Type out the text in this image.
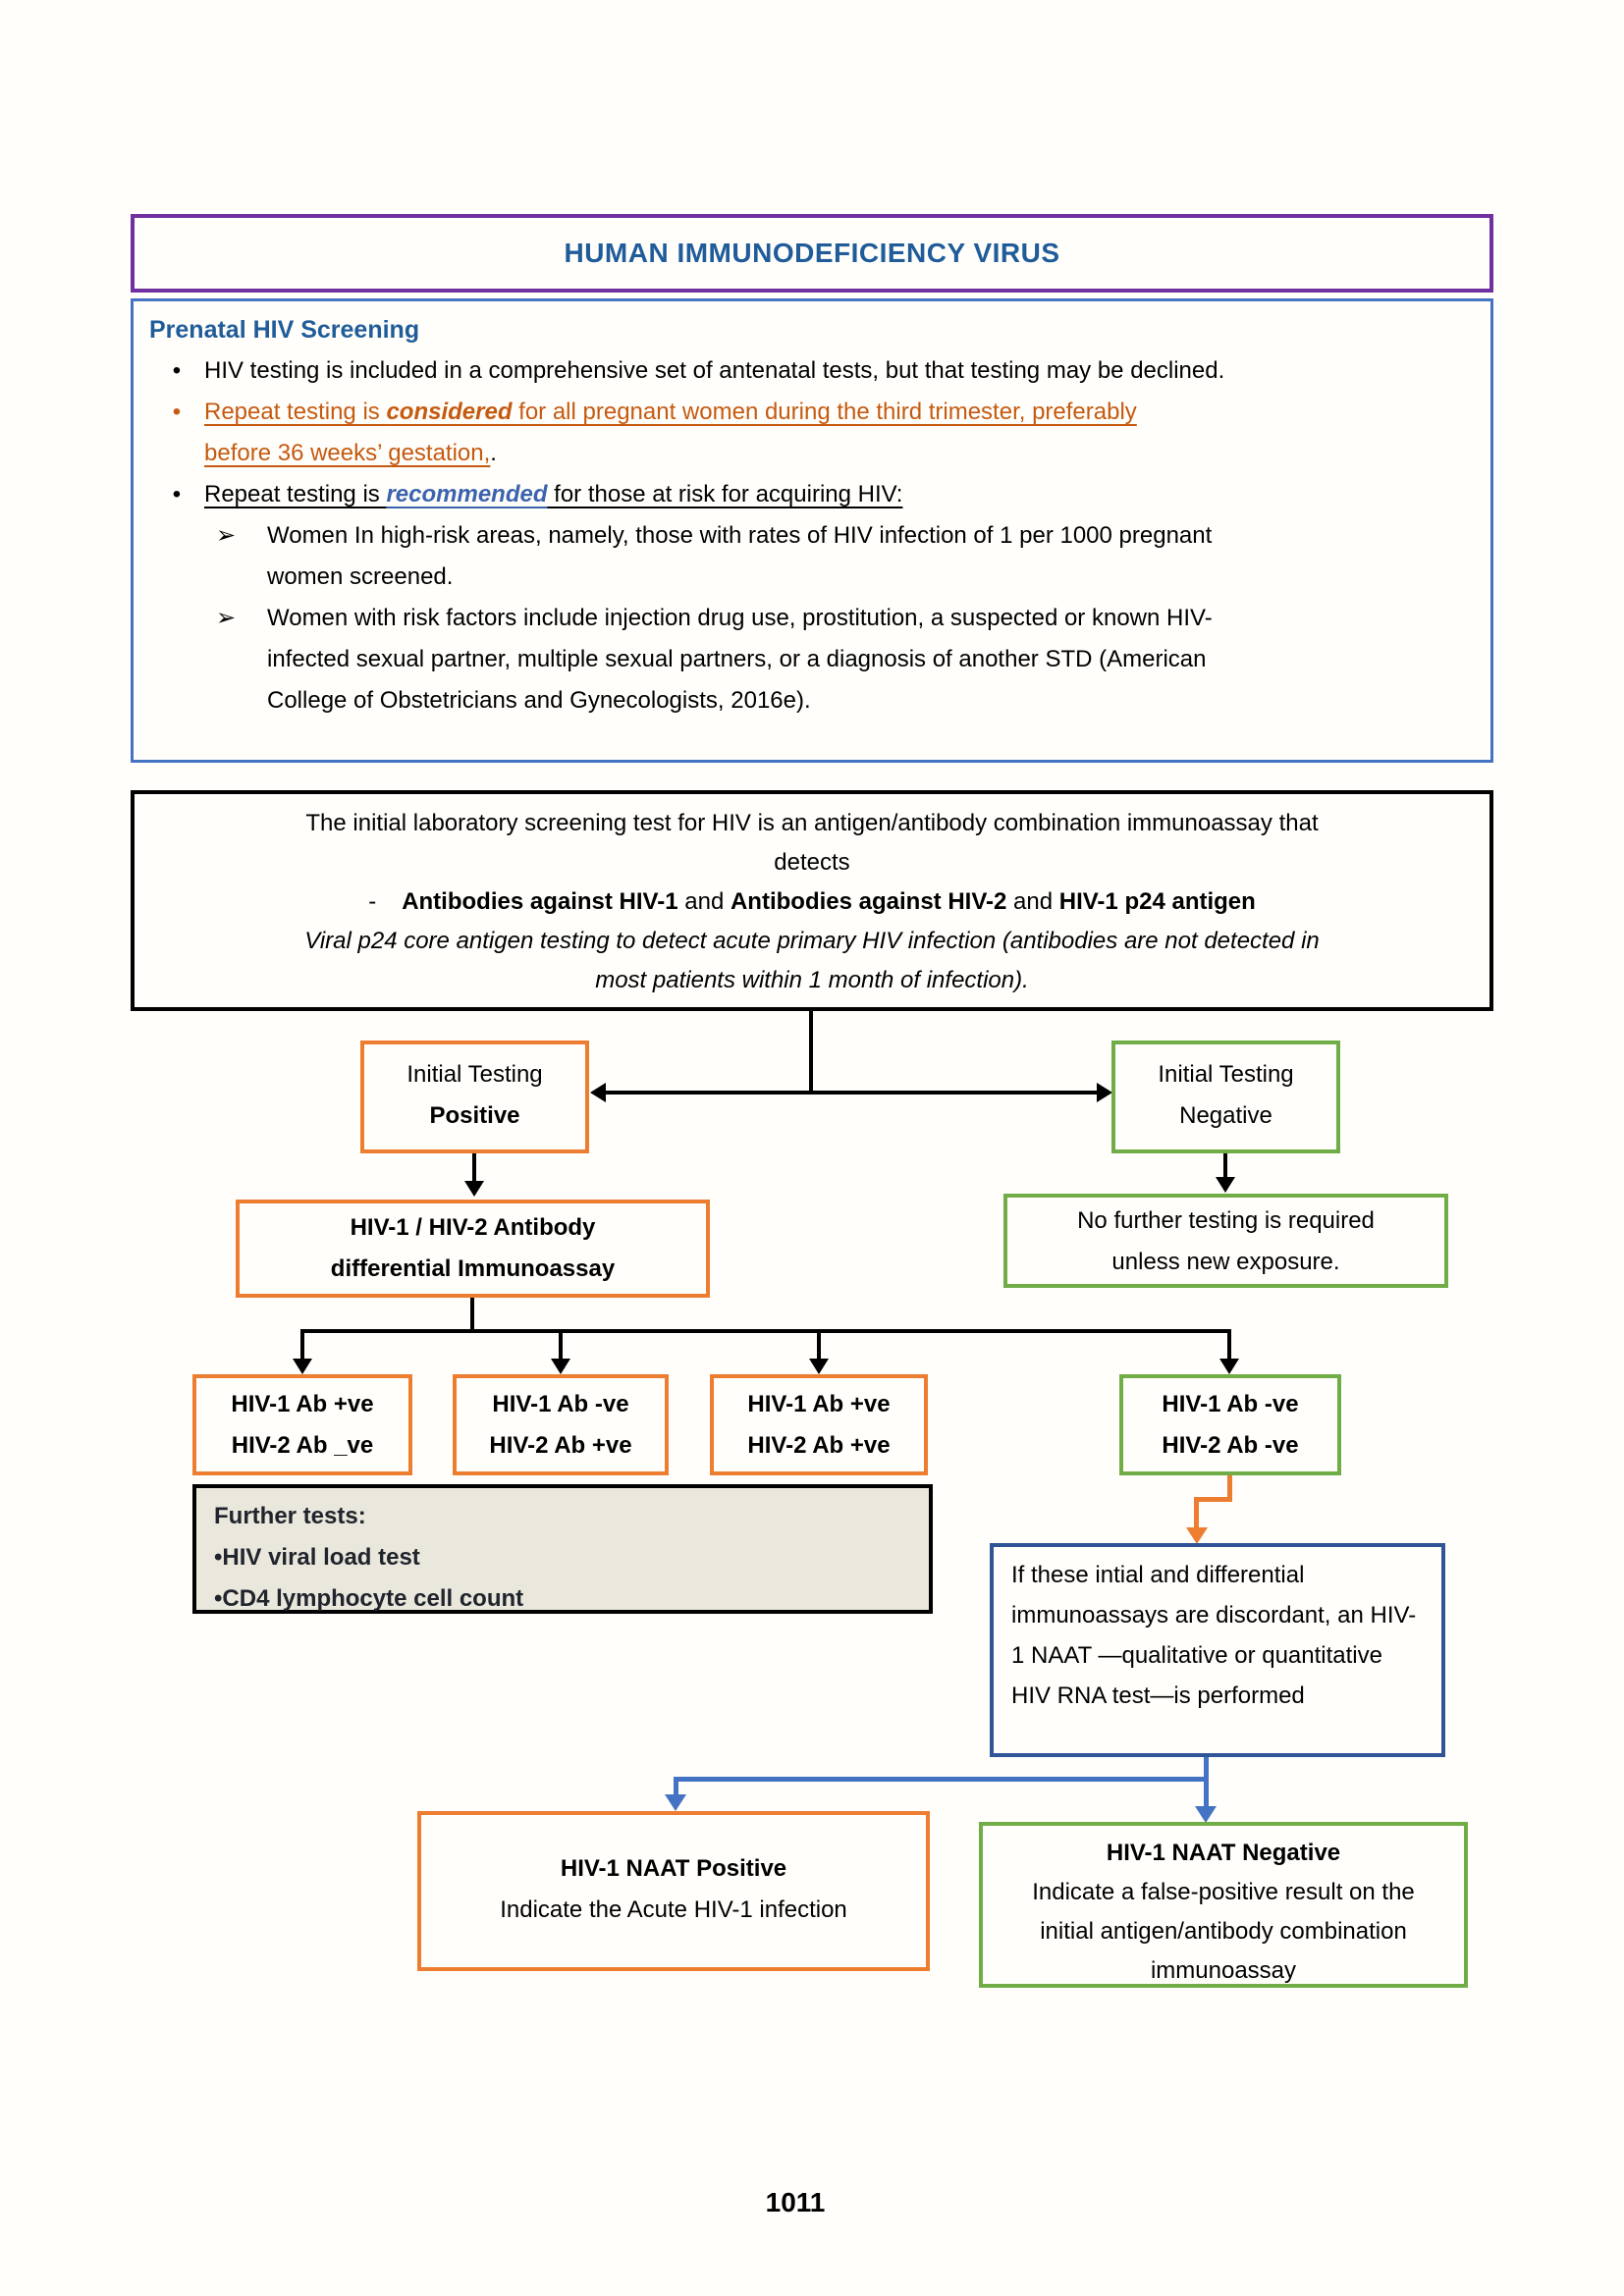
HUMAN IMMUNODEFICIENCY VIRUS
Prenatal HIV Screening
• HIV testing is included in a comprehensive set of antenatal tests, but that testing may be declined.
• Repeat testing is considered for all pregnant women during the third trimester, preferably before 36 weeks’ gestation,.
• Repeat testing is recommended for those at risk for acquiring HIV:
➢	Women In high-risk areas, namely, those with rates of HIV infection of 1 per 1000 pregnant women screened.
➢	Women with risk factors include injection drug use, prostitution, a suspected or known HIV-infected sexual partner, multiple sexual partners, or a diagnosis of another STD (American College of Obstetricians and Gynecologists, 2016e).

The initial laboratory screening test for HIV is an antigen/antibody combination immunoassay that detects

- Antibodies against HIV-1 and Antibodies against HIV-2 and HIV-1 p24 antigen

Viral p24 core antigen testing to detect acute primary HIV infection (antibodies are not detected in most patients within 1 month of infection).

Initial Testing
Positive
Initial Testing
Negative
No further testing is required unless new exposure.
HIV-1 / HIV-2 Antibody
differential Immunoassay
HIV-1 Ab +ve
HIV-2 Ab _ve
HIV-1 Ab -ve
HIV-2 Ab +ve
HIV-1 Ab +ve
HIV-2 Ab +ve
HIV-1 Ab -ve
HIV-2 Ab -ve
Further tests:
•HIV viral load test
•CD4 lymphocyte cell count
If these intial and differential immunoassays are discordant, an HIV-1 NAAT —qualitative or quantitative HIV RNA test—is performed
HIV-1 NAAT Positive
Indicate the Acute HIV-1 infection
HIV-1 NAAT Negative
Indicate a false-positive result on the initial antigen/antibody combination immunoassay
1011
